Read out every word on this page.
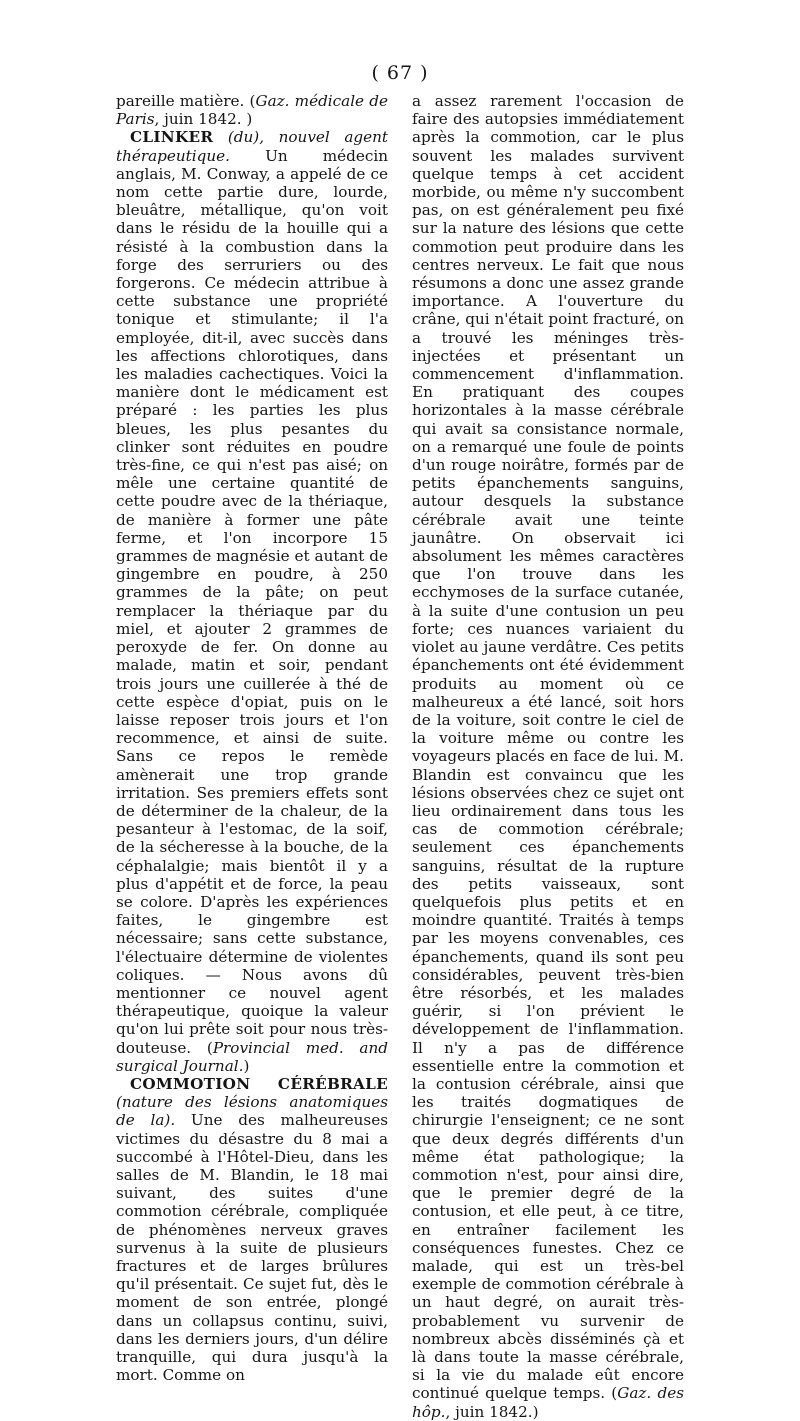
( 67 )

pareille matière. (Gaz. médicale de Paris, juin 1842. )

CLINKER (du), nouvel agent thérapeutique. Un médecin anglais, M. Conway, a appelé de ce nom cette partie dure, lourde, bleuâtre, métallique, qu'on voit dans le résidu de la houille qui a résisté à la combustion dans la forge des serruriers ou des forgerons. Ce médecin attribue à cette substance une propriété tonique et stimulante; il l'a employée, dit-il, avec succès dans les affections chlorotiques, dans les maladies cachectiques. Voici la manière dont le médicament est préparé : les parties les plus bleues, les plus pesantes du clinker sont réduites en poudre très-fine, ce qui n'est pas aisé; on mêle une certaine quantité de cette poudre avec de la thériaque, de manière à former une pâte ferme, et l'on incorpore 15 grammes de magnésie et autant de gingembre en poudre, à 250 grammes de la pâte; on peut remplacer la thériaque par du miel, et ajouter 2 grammes de peroxyde de fer. On donne au malade, matin et soir, pendant trois jours une cuillerée à thé de cette espèce d'opiat, puis on le laisse reposer trois jours et l'on recommence, et ainsi de suite. Sans ce repos le remède amènerait une trop grande irritation. Ses premiers effets sont de déterminer de la chaleur, de la pesanteur à l'estomac, de la soif, de la sécheresse à la bouche, de la céphalalgie; mais bientôt il y a plus d'appétit et de force, la peau se colore. D'après les expériences faites, le gingembre est nécessaire; sans cette substance, l'électuaire détermine de violentes coliques. — Nous avons dû mentionner ce nouvel agent thérapeutique, quoique la valeur qu'on lui prête soit pour nous très-douteuse. (Provincial med. and surgical Journal.)

COMMOTION CÉRÉBRALE (nature des lésions anatomiques de la). Une des malheureuses victimes du désastre du 8 mai a succombé à l'Hôtel-Dieu, dans les salles de M. Blandin, le 18 mai suivant, des suites d'une commotion cérébrale, compliquée de phénomènes nerveux graves survenus à la suite de plusieurs fractures et de larges brûlures qu'il présentait. Ce sujet fut, dès le moment de son entrée, plongé dans un collapsus continu, suivi, dans les derniers jours, d'un délire tranquille, qui dura jusqu'à la mort. Comme on

a assez rarement l'occasion de faire des autopsies immédiatement après la commotion, car le plus souvent les malades survivent quelque temps à cet accident morbide, ou même n'y succombent pas, on est généralement peu fixé sur la nature des lésions que cette commotion peut produire dans les centres nerveux. Le fait que nous résumons a donc une assez grande importance. A l'ouverture du crâne, qui n'était point fracturé, on a trouvé les méninges très-injectées et présentant un commencement d'inflammation. En pratiquant des coupes horizontales à la masse cérébrale qui avait sa consistance normale, on a remarqué une foule de points d'un rouge noirâtre, formés par de petits épanchements sanguins, autour desquels la substance cérébrale avait une teinte jaunâtre. On observait ici absolument les mêmes caractères que l'on trouve dans les ecchymoses de la surface cutanée, à la suite d'une contusion un peu forte; ces nuances variaient du violet au jaune verdâtre. Ces petits épanchements ont été évidemment produits au moment où ce malheureux a été lancé, soit hors de la voiture, soit contre le ciel de la voiture même ou contre les voyageurs placés en face de lui. M. Blandin est convaincu que les lésions observées chez ce sujet ont lieu ordinairement dans tous les cas de commotion cérébrale; seulement ces épanchements sanguins, résultat de la rupture des petits vaisseaux, sont quelquefois plus petits et en moindre quantité. Traités à temps par les moyens convenables, ces épanchements, quand ils sont peu considérables, peuvent très-bien être résorbés, et les malades guérir, si l'on prévient le développement de l'inflammation. Il n'y a pas de différence essentielle entre la commotion et la contusion cérébrale, ainsi que les traités dogmatiques de chirurgie l'enseignent; ce ne sont que deux degrés différents d'un même état pathologique; la commotion n'est, pour ainsi dire, que le premier degré de la contusion, et elle peut, à ce titre, en entraîner facilement les conséquences funestes. Chez ce malade, qui est un très-bel exemple de commotion cérébrale à un haut degré, on aurait très-probablement vu survenir de nombreux abcès disséminés çà et là dans toute la masse cérébrale, si la vie du malade eût encore continué quelque temps. (Gaz. des hôp., juin 1842.)
